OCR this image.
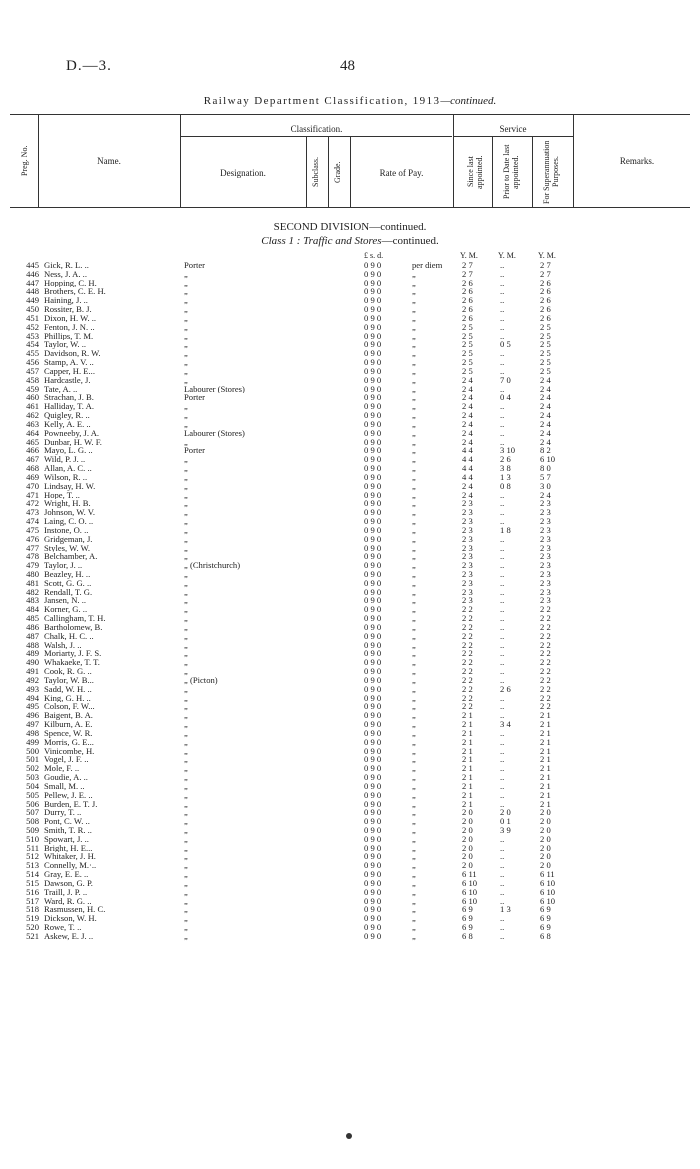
D.—3.	48
Railway Department Classification, 1913—continued.
Preg. No.	Name.
Classification.
Designation.	Subclass.	Grade.	Rate of Pay.
Service
Since last appointed. Prior to Date last appointed.	For Superannuation Purposes.	Remarks.
SECOND DIVISION—continued.
Class 1 : Traffic and Stores—continued.
£ s. d.	Y. M.	Y. M.	Y. M.
445 Gick, R. L. ..	Porter	0 9 0	per diem 2 7	..	2 7
446 Ness, J. A. ..	„	0 9 0	„	2 7	..	2 7
447 Hopping, C. H.	„	0 9 0	„	2 6	..	2 6
448 Brothers, C. E. H.	„	0 9 0	„	2 6	..	2 6
449 Haining, J. ..	„	0 9 0	„	2 6	..	2 6
450 Rossiter, B. J.	„	0 9 0	„	2 6	..	2 6
451 Dixon, H. W. ..	„	0 9 0	„	2 6	..	2 6
452 Fenton, J. N. ..	„	0 9 0	„	2 5	..	2 5
453 Phillips, T. M.	„	0 9 0	„	2 5	..	2 5
454 Taylor, W. ..	„	0 9 0	„	2 5	0 5	2 5
455 Davidson, R. W.	„	0 9 0	„	2 5	..	2 5
456 Stamp, A. V. ..	„	0 9 0	„	2 5	..	2 5
457 Capper, H. E...	„	0 9 0	„	2 5	..	2 5
458 Hardcastle, J.	„	0 9 0	„	2 4	7 0	2 4
459 Tate, A. ..	Labourer (Stores)	0 9 0	„	2 4	..	2 4
460 Strachan, J. B.	Porter	0 9 0	„	2 4	0 4	2 4
461 Halliday, T. A.	„	0 9 0	„	2 4	..	2 4
462 Quigley, R. ..	„	0 9 0	„	2 4	..	2 4
463 Kelly, A. E. ..	„	0 9 0	„	2 4	..	2 4
464 Powneeby, J. A.	Labourer (Stores)	0 9 0	„	2 4	..	2 4
465 Dunbar, H. W. F.	„	0 9 0	„	2 4	..	2 4
466 Mayo, L. G. ..	Porter	0 9 0	„	4 4	3 10	8 2
467 Wild, P. J. ..	„	0 9 0	„	4 4	2 6	6 10
468 Allan, A. C. ..	„	0 9 0	„	4 4	3 8	8 0
469 Wilson, R. ..	„	0 9 0	„	4 4	1 3	5 7
470 Lindsay, H. W.	„	0 9 0	„	2 4	0 8	3 0
471 Hope, T. ..	„	0 9 0	„	2 4	..	2 4
472 Wright, H. B.	„	0 9 0	„	2 3	..	2 3
473 Johnson, W. V.	„	0 9 0	„	2 3	..	2 3
474 Laing, C. O. ..	„	0 9 0	„	2 3	..	2 3
475 Instone, O. ..	„	0 9 0	„	2 3	1 8	2 3
476 Gridgeman, J.	„	0 9 0	„	2 3	..	2 3
477 Styles, W. W.	„	0 9 0	„	2 3	..	2 3
478 Belchamber, A.	„	0 9 0	„	2 3	..	2 3
479 Taylor, J. ..	„ (Christchurch)	0 9 0	„	2 3	..	2 3
480 Beazley, H. ..	„	0 9 0	„	2 3	..	2 3
481 Scott, G. G. ..	„	0 9 0	„	2 3	..	2 3
482 Rendall, T. G.	„	0 9 0	„	2 3	..	2 3
483 Jansen, N. ..	„	0 9 0	„	2 3	..	2 3
484 Korner, G. ..	„	0 9 0	„	2 2	..	2 2
485 Callingham, T. H.	„	0 9 0	„	2 2	..	2 2
486 Bartholomew, B.	„	0 9 0	„	2 2	..	2 2
487 Chalk, H. C. ..	„	0 9 0	„	2 2	..	2 2
488 Walsh, J. ..	„	0 9 0	„	2 2	..	2 2
489 Moriarty, J. F. S.	„	0 9 0	„	2 2	..	2 2
490 Whakaeke, T. T.	„	0 9 0	„	2 2	..	2 2
491 Cook, R. G. ..	„	0 9 0	„	2 2	..	2 2
492 Taylor, W. B...	„ (Picton)	0 9 0	„	2 2	..	2 2
493 Sadd, W. H. ..	„	0 9 0	„	2 2	2 6	2 2
494 King, G. H. ..	„	0 9 0	„	2 2	..	2 2
495 Colson, F. W...	„	0 9 0	„	2 2	..	2 2
496 Baigent, B. A.	„	0 9 0	„	2 1	..	2 1
497 Kilburn, A. E.	„	0 9 0	„	2 1	3 4	2 1
498 Spence, W. R.	„	0 9 0	„	2 1	..	2 1
499 Morris, G. E...	„	0 9 0	„	2 1	..	2 1
500 Vinicombe, H.	„	0 9 0	„	2 1	..	2 1
501 Vogel, J. F. ..	„	0 9 0	„	2 1	..	2 1
502 Mole, F. ..	„	0 9 0	„	2 1	..	2 1
503 Goudie, A. ..	„	0 9 0	„	2 1	..	2 1
504 Small, M. ..	„	0 9 0	„	2 1	..	2 1
505 Pellew, J. E. ..	„	0 9 0	„	2 1	..	2 1
506 Burden, E. T. J.	„	0 9 0	„	2 1	..	2 1
507 Durry, T. ..	„	0 9 0	„	2 0	2 0	2 0
508 Pont, C. W. ..	„	0 9 0	„	2 0	0 1	2 0
509 Smith, T. R. ..	„	0 9 0	„	2 0	3 9	2 0
510 Spowart, J. ..	„	0 9 0	„	2 0	..	2 0
511 Bright, H. E...	„	0 9 0	„	2 0	..	2 0
512 Whitaker, J. H.	„	0 9 0	„	2 0	..	2 0
513 Connelly, M.·..	„	0 9 0	„	2 0	..	2 0
514 Gray, E. E. ..	„	0 9 0	„	6 11	..	6 11
515 Dawson, G. P.	„	0 9 0	„	6 10	..	6 10
516 Traill, J. P. ..	„	0 9 0	„	6 10	..	6 10
517 Ward, R. G. ..	„	0 9 0	„	6 10	..	6 10
518 Rasmussen, H. C.	„	0 9 0	„	6 9	1 3	6 9
519 Dickson, W. H.	„	0 9 0	„	6 9	..	6 9
520 Rowe, T. ..	„	0 9 0	„	6 9	..	6 9
521 Askew, E. J. ..	„	0 9 0	„	6 8	..	6 8
